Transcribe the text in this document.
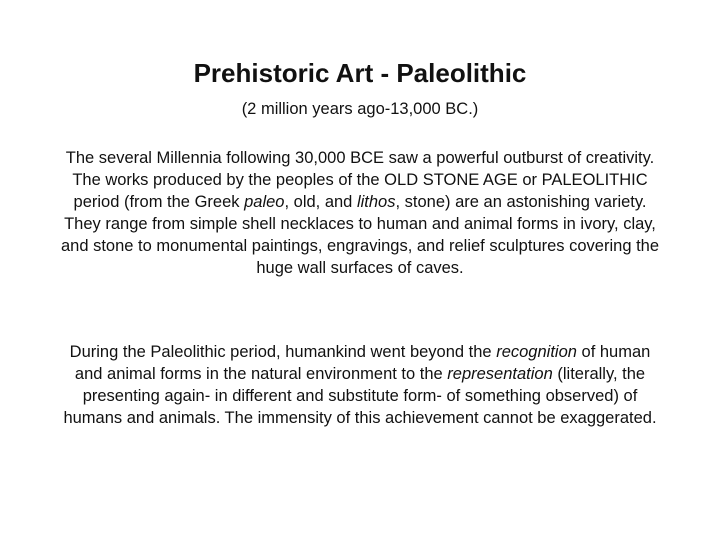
Prehistoric Art - Paleolithic

(2 million years ago-13,000 BC.)

The several Millennia following 30,000 BCE saw a powerful outburst of creativity.
The works produced by the peoples of the OLD STONE AGE or PALEOLITHIC period (from the Greek paleo, old, and lithos, stone) are an astonishing variety. They range from simple shell necklaces to human and animal forms in ivory, clay, and stone to monumental paintings, engravings, and relief sculptures covering the huge wall surfaces of caves.

During the Paleolithic period, humankind went beyond the recognition of human and animal forms in the natural environment to the representation (literally, the presenting again- in different and substitute form- of something observed) of humans and animals. The immensity of this achievement cannot be exaggerated.
